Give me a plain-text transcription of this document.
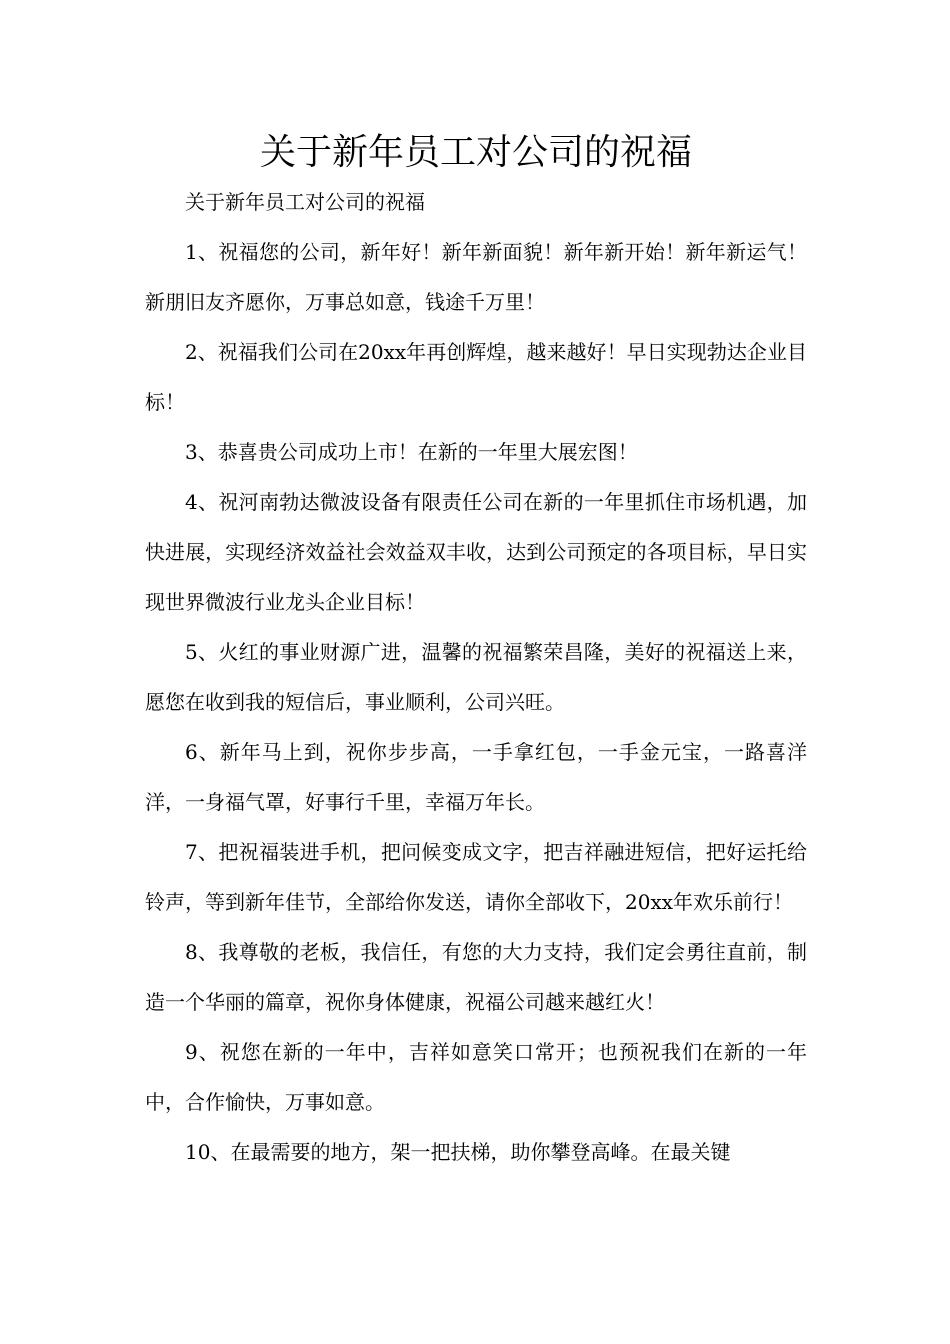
关于新年员工对公司的祝福

关于新年员工对公司的祝福

1、祝福您的公司，新年好！新年新面貌！新年新开始！新年新运气！新朋旧友齐愿你，万事总如意，钱途千万里！

2、祝福我们公司在20xx年再创辉煌，越来越好！早日实现勃达企业目标！

3、恭喜贵公司成功上市！在新的一年里大展宏图！

4、祝河南勃达微波设备有限责任公司在新的一年里抓住市场机遇，加快进展，实现经济效益社会效益双丰收，达到公司预定的各项目标，早日实现世界微波行业龙头企业目标！

5、火红的事业财源广进，温馨的祝福繁荣昌隆，美好的祝福送上来，愿您在收到我的短信后，事业顺利，公司兴旺。

6、新年马上到，祝你步步高，一手拿红包，一手金元宝，一路喜洋洋，一身福气罩，好事行千里，幸福万年长。

7、把祝福装进手机，把问候变成文字，把吉祥融进短信，把好运托给铃声，等到新年佳节，全部给你发送，请你全部收下，20xx年欢乐前行！

8、我尊敬的老板，我信任，有您的大力支持，我们定会勇往直前，制造一个华丽的篇章，祝你身体健康，祝福公司越来越红火！

9、祝您在新的一年中，吉祥如意笑口常开；也预祝我们在新的一年中，合作愉快，万事如意。

10、在最需要的地方，架一把扶梯，助你攀登高峰。在最关键
